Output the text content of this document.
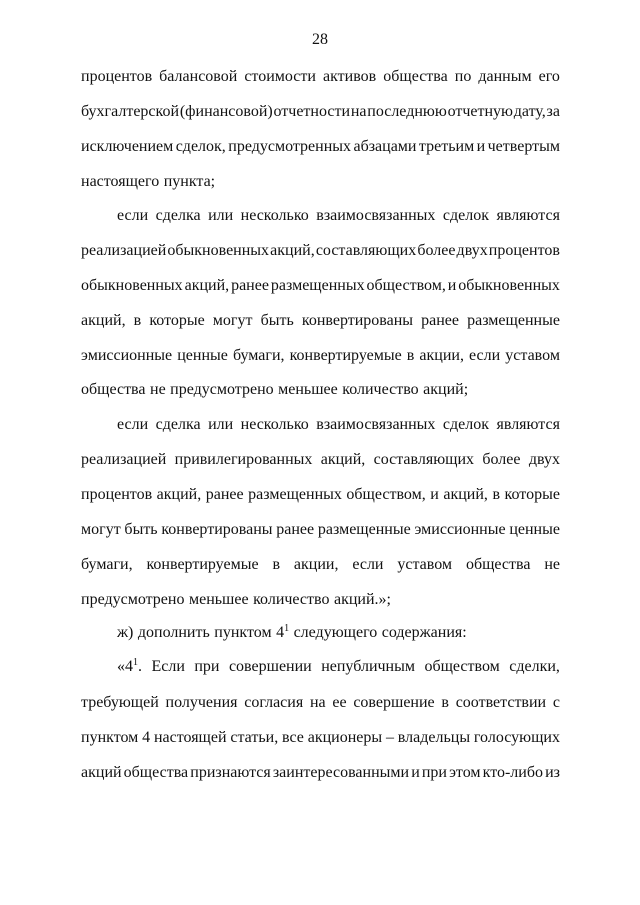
28
процентов балансовой стоимости активов общества по данным его
бухгалтерской (финансовой) отчетности на последнюю отчетную дату, за
исключением сделок, предусмотренных абзацами третьим и четвертым
настоящего пункта;
если сделка или несколько взаимосвязанных сделок являются
реализацией обыкновенных акций, составляющих более двух процентов
обыкновенных акций, ранее размещенных обществом, и обыкновенных
акций, в которые могут быть конвертированы ранее размещенные
эмиссионные ценные бумаги, конвертируемые в акции, если уставом
общества не предусмотрено меньшее количество акций;
если сделка или несколько взаимосвязанных сделок являются
реализацией привилегированных акций, составляющих более двух
процентов акций, ранее размещенных обществом, и акций, в которые
могут быть конвертированы ранее размещенные эмиссионные ценные
бумаги, конвертируемые в акции, если уставом общества не
предусмотрено меньшее количество акций.»;
ж) дополнить пунктом 41 следующего содержания:
«41. Если при совершении непубличным обществом сделки,
требующей получения согласия на ее совершение в соответствии с
пунктом 4 настоящей статьи, все акционеры – владельцы голосующих
акций общества признаются заинтересованными и при этом кто-либо из
